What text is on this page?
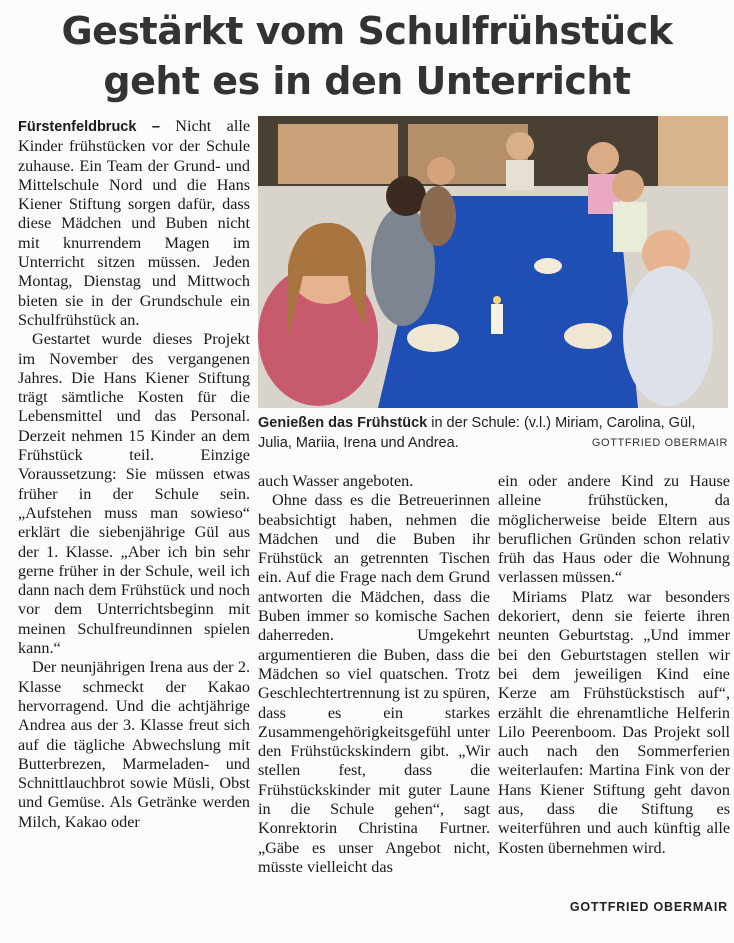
Gestärkt vom Schulfrühstück
geht es in den Unterricht

Fürstenfeldbruck – Nicht alle Kinder frühstücken vor der Schule zuhause. Ein Team der Grund- und Mittelschule Nord und die Hans Kiener Stiftung sorgen dafür, dass diese Mädchen und Buben nicht mit knurrendem Magen im Unterricht sitzen müssen. Jeden Montag, Dienstag und Mittwoch bieten sie in der Grundschule ein Schulfrühstück an.

Gestartet wurde dieses Projekt im November des vergangenen Jahres. Die Hans Kiener Stiftung trägt sämtliche Kosten für die Lebensmittel und das Personal. Derzeit nehmen 15 Kinder an dem Frühstück teil. Einzige Voraussetzung: Sie müssen etwas früher in der Schule sein. „Aufstehen muss man sowieso“ erklärt die siebenjährige Gül aus der 1. Klasse. „Aber ich bin sehr gerne früher in der Schule, weil ich dann nach dem Frühstück und noch vor dem Unterrichtsbeginn mit meinen Schulfreundinnen spielen kann.“

Der neunjährigen Irena aus der 2. Klasse schmeckt der Kakao hervorragend. Und die achtjährige Andrea aus der 3. Klasse freut sich auf die tägliche Abwechslung mit Butterbrezen, Marmeladen- und Schnittlauchbrot sowie Müsli, Obst und Gemüse. Als Getränke werden Milch, Kakao oder

Genießen das Frühstück in der Schule: (v.l.) Miriam, Carolina, Gül, Julia, Mariia, Irena und Andrea.	GOTTFRIED OBERMAIR

auch Wasser angeboten.

Ohne dass es die Betreuerinnen beabsichtigt haben, nehmen die Mädchen und die Buben ihr Frühstück an getrennten Tischen ein. Auf die Frage nach dem Grund antworten die Mädchen, dass die Buben immer so komische Sachen daherreden. Umgekehrt argumentieren die Buben, dass die Mädchen so viel quatschen. Trotz Geschlechtertrennung ist zu spüren, dass es ein starkes Zusammengehörigkeitsgefühl unter den Frühstückskindern gibt. „Wir stellen fest, dass die Frühstückskinder mit guter Laune in die Schule gehen“, sagt Konrektorin Christina Furtner. „Gäbe es unser Angebot nicht, müsste vielleicht das

ein oder andere Kind zu Hause alleine frühstücken, da möglicherweise beide Eltern aus beruflichen Gründen schon relativ früh das Haus oder die Wohnung verlassen müssen.“

Miriams Platz war besonders dekoriert, denn sie feierte ihren neunten Geburtstag. „Und immer bei den Geburtstagen stellen wir bei dem jeweiligen Kind eine Kerze am Frühstückstisch auf“, erzählt die ehrenamtliche Helferin Lilo Peerenboom. Das Projekt soll auch nach den Sommerferien weiterlaufen: Martina Fink von der Hans Kiener Stiftung geht davon aus, dass die Stiftung es weiterführen und auch künftig alle Kosten übernehmen wird.

GOTTFRIED OBERMAIR
